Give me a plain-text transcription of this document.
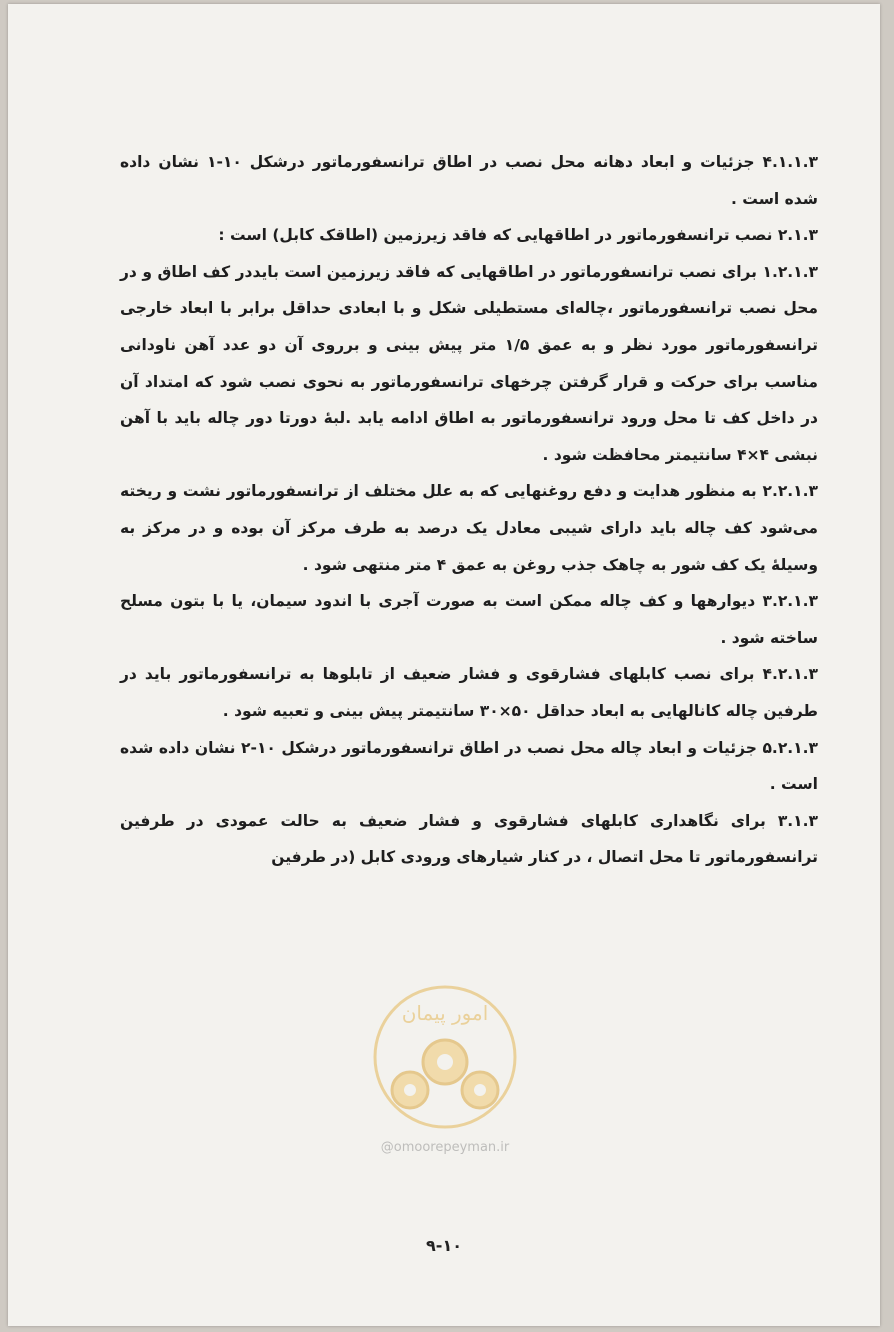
۴.۱.۱.۳ جزئیات و ابعاد دهانه محل نصب در اطاق ترانسفورماتور درشکل ۱۰-۱ نشان داده شده است .

۲.۱.۳ نصب ترانسفورماتور در اطاقهایی که فاقد زیرزمین (اطاقک کابل) است :

۱.۲.۱.۳ برای نصب ترانسفورماتور در اطاقهایی که فاقد زیرزمین است بایددر کف اطاق و در محل نصب ترانسفورماتور ،چاله‌ای مستطیلی شکل و با ابعادی حداقل برابر با ابعاد خارجی ترانسفورماتور مورد نظر و به عمق ۱/۵ متر پیش بینی و برروی آن دو عدد آهن ناودانی مناسب برای حرکت و قرار گرفتن چرخهای ترانسفورماتور به نحوی نصب شود که امتداد آن در داخل کف تا محل ورود ترانسفورماتور به اطاق ادامه یابد .لبه‌ٔ دورتا دور چاله باید با آهن نبشی ۴×۴ سانتیمتر محافظت شود .

۲.۲.۱.۳ به منظور هدایت و دفع روغنهایی که به علل مختلف از ترانسفورماتور نشت و ریخته می‌شود کف چاله باید دارای شیبی معادل یک درصد به طرف مرکز آن بوده و در مرکز به وسیلهٔ یک کف شور به چاهک جذب روغن به عمق ۴ متر منتهی شود .

۳.۲.۱.۳ دیوارهها و کف چاله ممکن است به صورت آجری با اندود سیمان، یا با بتون مسلح ساخته شود .

۴.۲.۱.۳ برای نصب کابلهای فشارقوی و فشار ضعیف از تابلوها به ترانسفورماتور باید در طرفین چاله کانالهایی به ابعاد حداقل ۵۰×۳۰ سانتیمتر پیش بینی و تعبیه شود .

۵.۲.۱.۳ جزئیات و ابعاد چاله محل نصب در اطاق ترانسفورماتور درشکل ۱۰-۲ نشان داده شده است .

۳.۱.۳ برای نگاهداری کابلهای فشارقوی و فشار ضعیف به حالت عمودی در طرفین ترانسفورماتور تا محل اتصال ، در کنار شیارهای ورودی کابل (در طرفین

امور پیمان
@omoorepeyman.ir
۹-۱۰
